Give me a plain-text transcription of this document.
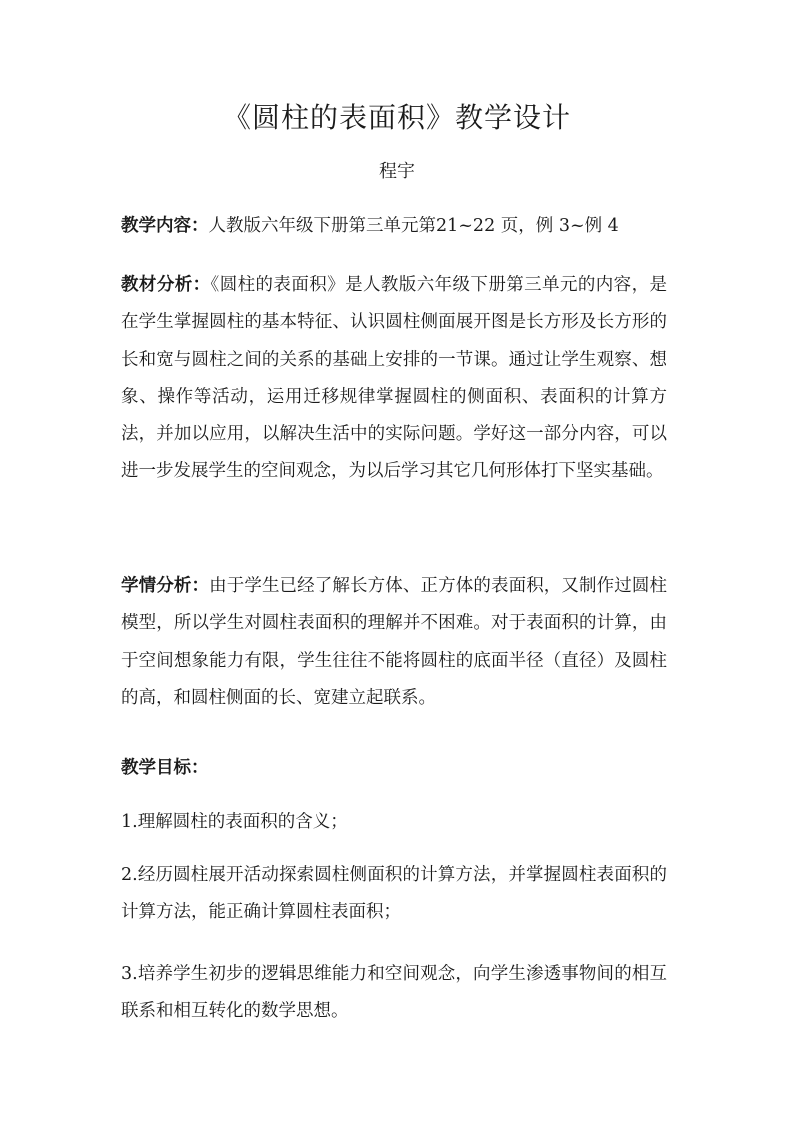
《圆柱的表面积》教学设计

程宇

教学内容：人教版六年级下册第三单元第21~22 页，例 3~例 4

教材分析：《圆柱的表面积》是人教版六年级下册第三单元的内容，是在学生掌握圆柱的基本特征、认识圆柱侧面展开图是长方形及长方形的长和宽与圆柱之间的关系的基础上安排的一节课。通过让学生观察、想象、操作等活动，运用迁移规律掌握圆柱的侧面积、表面积的计算方法，并加以应用，以解决生活中的实际问题。学好这一部分内容，可以进一步发展学生的空间观念，为以后学习其它几何形体打下坚实基础。

学情分析：由于学生已经了解长方体、正方体的表面积，又制作过圆柱模型，所以学生对圆柱表面积的理解并不困难。对于表面积的计算，由于空间想象能力有限，学生往往不能将圆柱的底面半径（直径）及圆柱的高，和圆柱侧面的长、宽建立起联系。

教学目标：

1.理解圆柱的表面积的含义；

2.经历圆柱展开活动探索圆柱侧面积的计算方法，并掌握圆柱表面积的计算方法，能正确计算圆柱表面积；

3.培养学生初步的逻辑思维能力和空间观念，向学生渗透事物间的相互联系和相互转化的数学思想。
